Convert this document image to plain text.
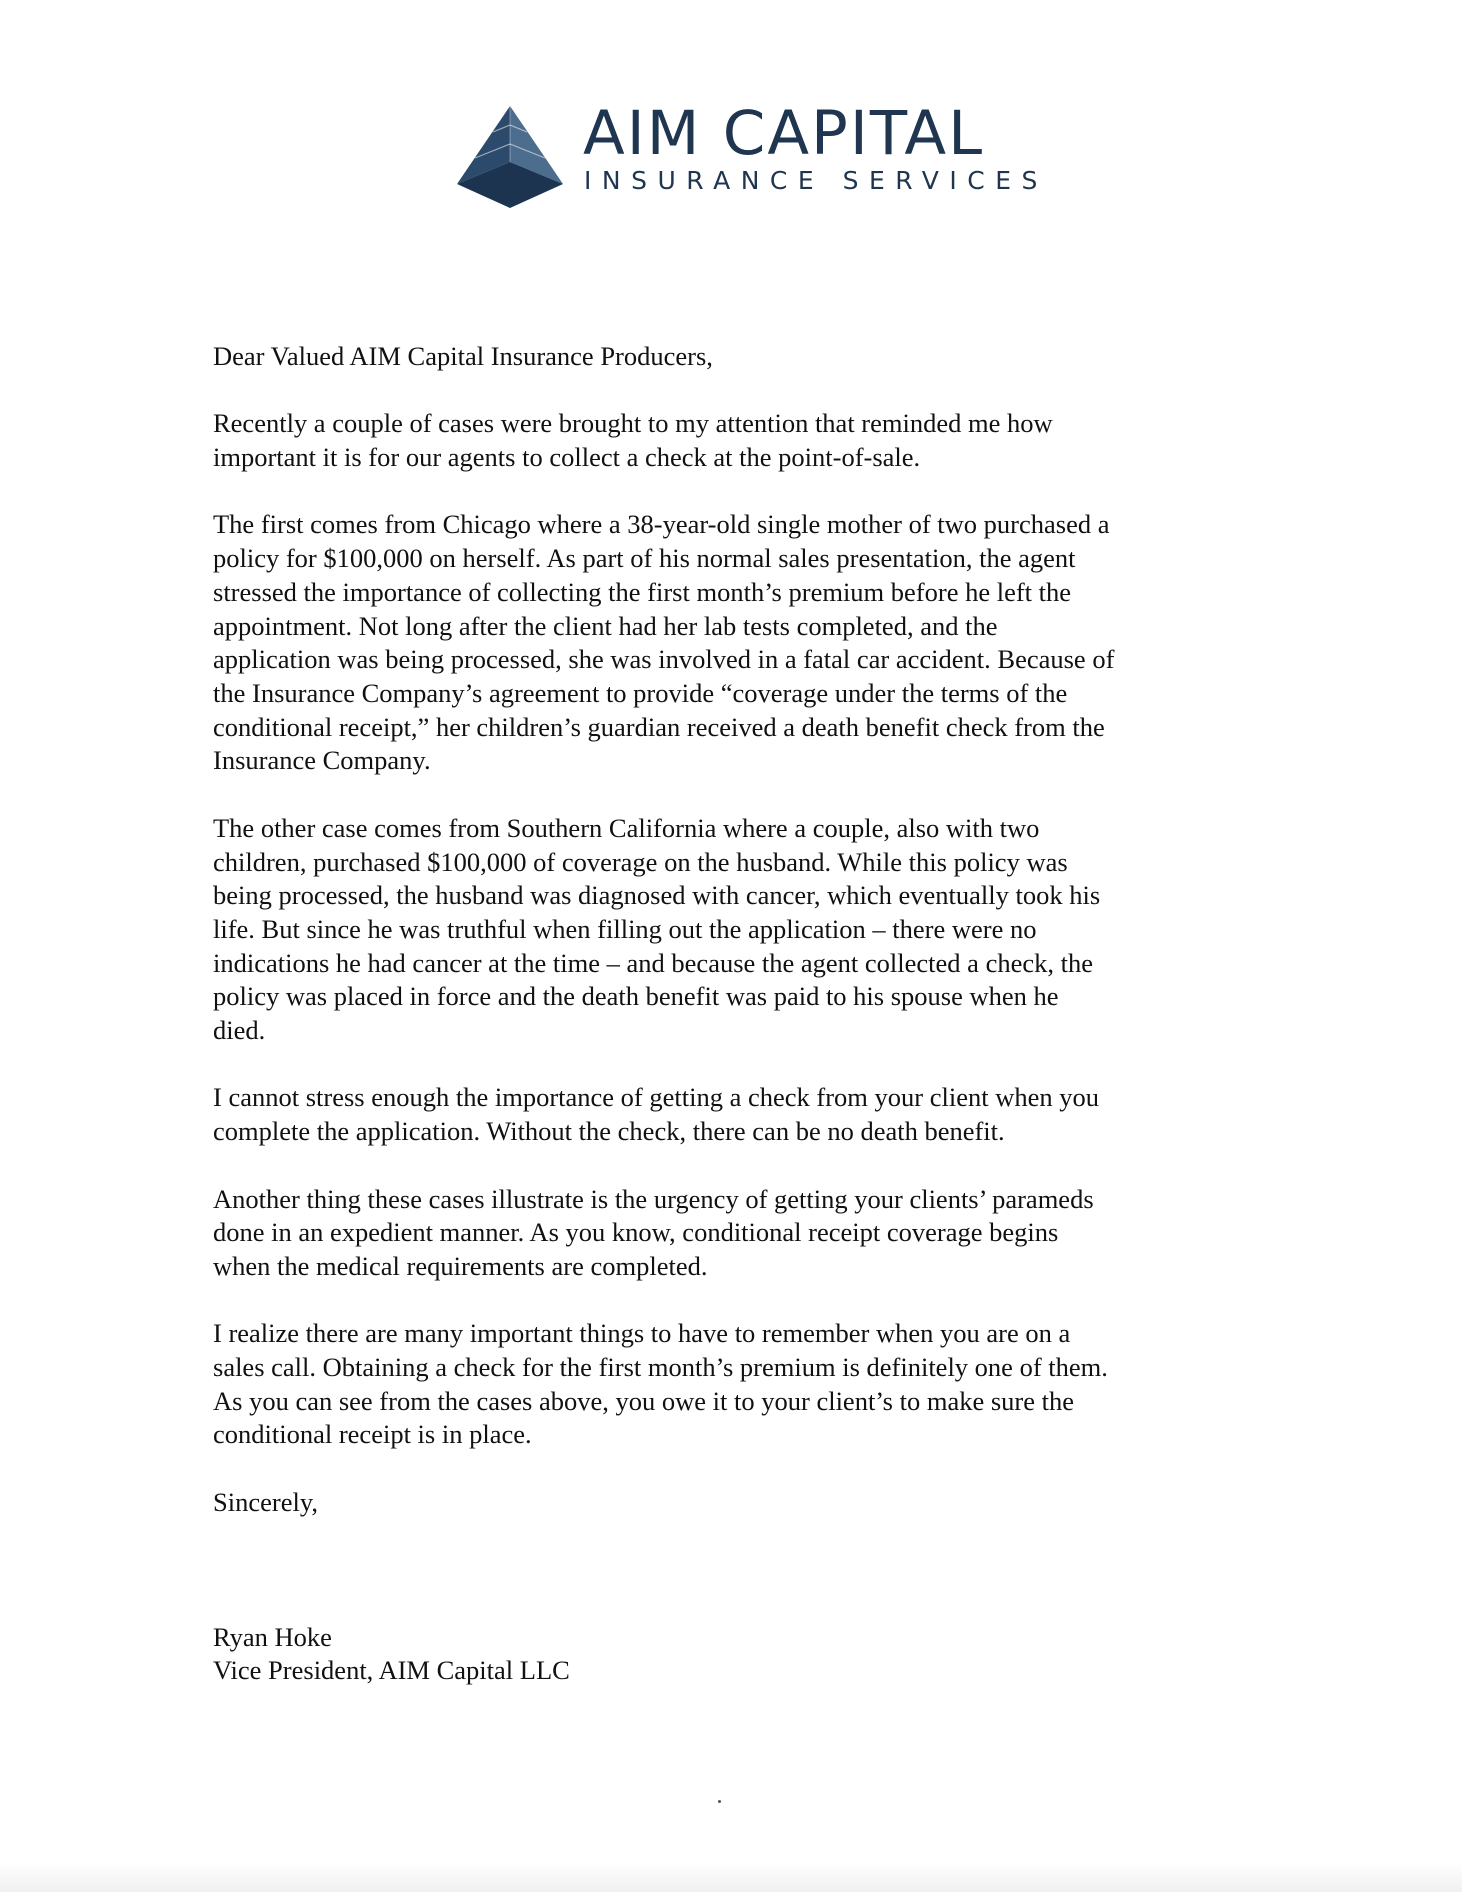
AIM CAPITAL
INSURANCE SERVICES

Dear Valued AIM Capital Insurance Producers,

Recently a couple of cases were brought to my attention that reminded me how
important it is for our agents to collect a check at the point-of-sale.

The first comes from Chicago where a 38-year-old single mother of two purchased a
policy for $100,000 on herself. As part of his normal sales presentation, the agent
stressed the importance of collecting the first month’s premium before he left the
appointment. Not long after the client had her lab tests completed, and the
application was being processed, she was involved in a fatal car accident. Because of
the Insurance Company’s agreement to provide “coverage under the terms of the
conditional receipt,” her children’s guardian received a death benefit check from the
Insurance Company.

The other case comes from Southern California where a couple, also with two
children, purchased $100,000 of coverage on the husband. While this policy was
being processed, the husband was diagnosed with cancer, which eventually took his
life. But since he was truthful when filling out the application – there were no
indications he had cancer at the time – and because the agent collected a check, the
policy was placed in force and the death benefit was paid to his spouse when he
died.

I cannot stress enough the importance of getting a check from your client when you
complete the application. Without the check, there can be no death benefit.

Another thing these cases illustrate is the urgency of getting your clients’ parameds
done in an expedient manner. As you know, conditional receipt coverage begins
when the medical requirements are completed.

I realize there are many important things to have to remember when you are on a
sales call. Obtaining a check for the first month’s premium is definitely one of them.
As you can see from the cases above, you owe it to your client’s to make sure the
conditional receipt is in place.

Sincerely,

Ryan Hoke

Vice President, AIM Capital LLC
